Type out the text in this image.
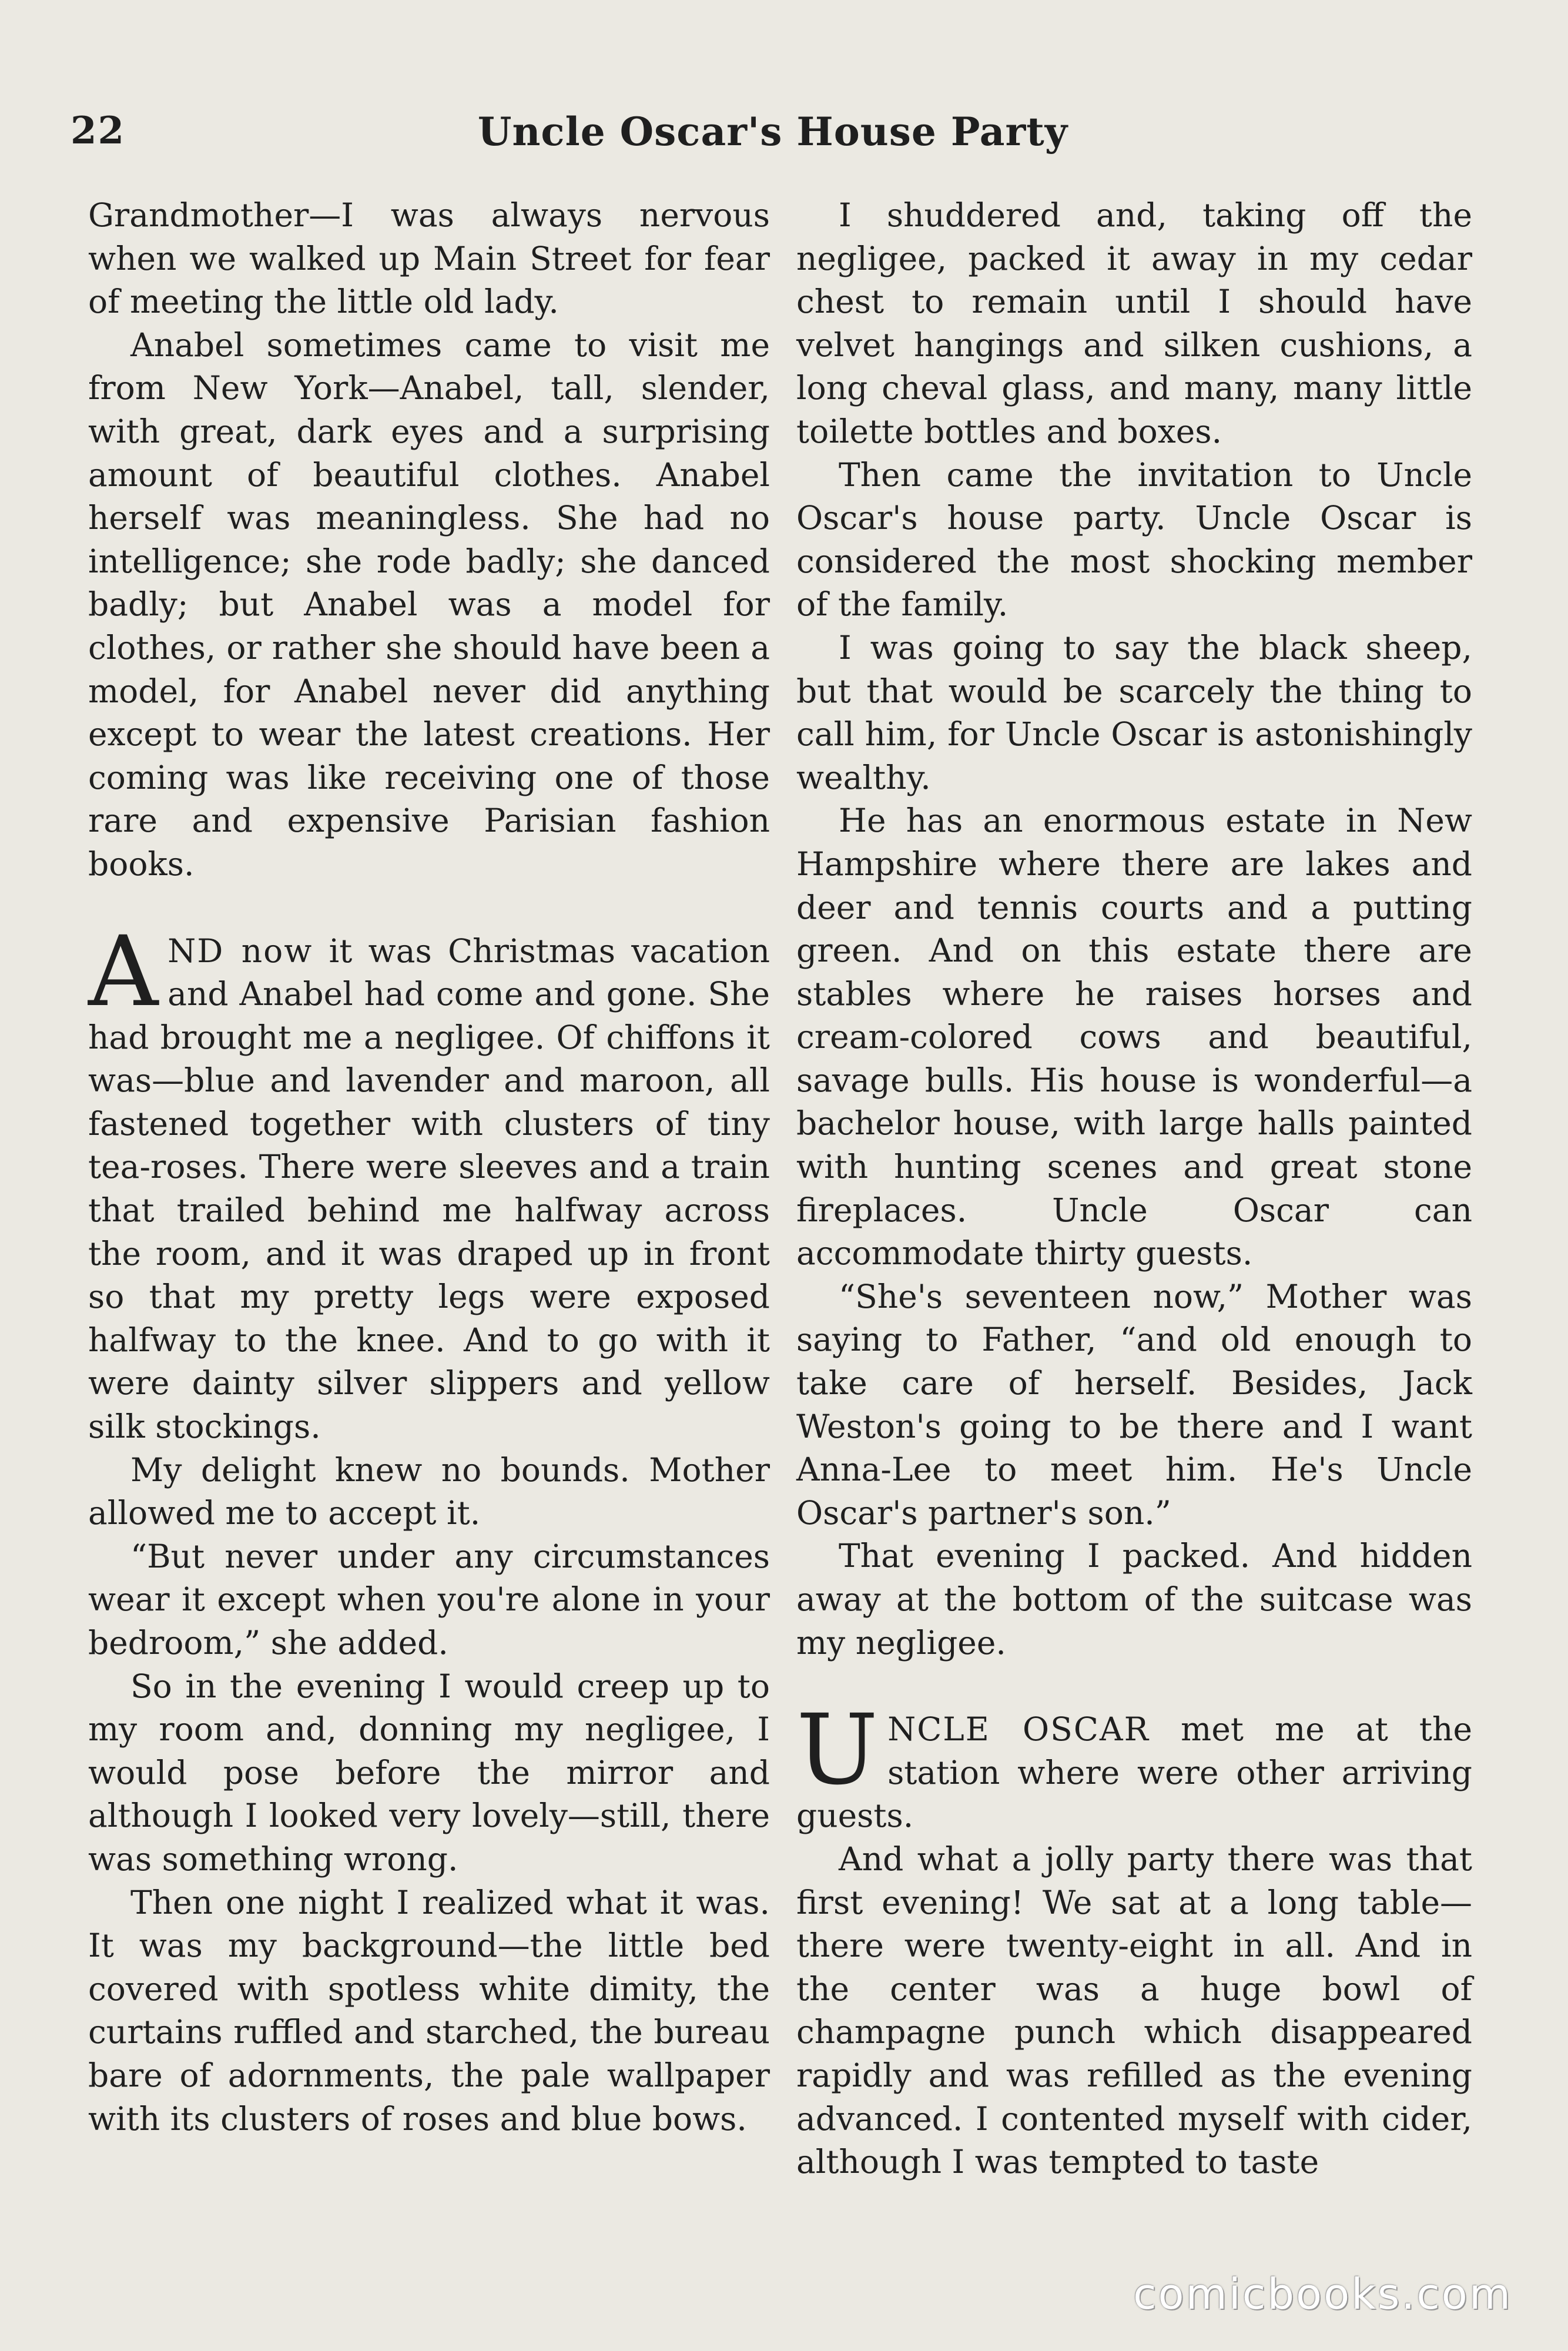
22	Uncle Oscar's House Party

Grandmother—I was always nervous when we walked up Main Street for fear of meeting the little old lady.

Anabel sometimes came to visit me from New York—Anabel, tall, slender, with great, dark eyes and a surprising amount of beautiful clothes. Anabel herself was meaningless. She had no intelligence; she rode badly; she danced badly; but Anabel was a model for clothes, or rather she should have been a model, for Anabel never did anything except to wear the latest creations. Her coming was like receiving one of those rare and expensive Parisian fashion books.

AND now it was Christmas vacation and Anabel had come and gone. She had brought me a negligee. Of chiffons it was—blue and lavender and maroon, all fastened together with clusters of tiny tea-roses. There were sleeves and a train that trailed behind me halfway across the room, and it was draped up in front so that my pretty legs were exposed halfway to the knee. And to go with it were dainty silver slippers and yellow silk stockings.

My delight knew no bounds. Mother allowed me to accept it.

“But never under any circumstances wear it except when you're alone in your bedroom,” she added.

So in the evening I would creep up to my room and, donning my negligee, I would pose before the mirror and although I looked very lovely—still, there was something wrong.

Then one night I realized what it was. It was my background—the little bed covered with spotless white dimity, the curtains ruffled and starched, the bureau bare of adornments, the pale wallpaper with its clusters of roses and blue bows.

I shuddered and, taking off the negligee, packed it away in my cedar chest to remain until I should have velvet hangings and silken cushions, a long cheval glass, and many, many little toilette bottles and boxes.

Then came the invitation to Uncle Oscar's house party. Uncle Oscar is considered the most shocking member of the family.

I was going to say the black sheep, but that would be scarcely the thing to call him, for Uncle Oscar is astonishingly wealthy.

He has an enormous estate in New Hampshire where there are lakes and deer and tennis courts and a putting green. And on this estate there are stables where he raises horses and cream-colored cows and beautiful, savage bulls. His house is wonderful—a bachelor house, with large halls painted with hunting scenes and great stone fireplaces. Uncle Oscar can accommodate thirty guests.

“She's seventeen now,” Mother was saying to Father, “and old enough to take care of herself. Besides, Jack Weston's going to be there and I want Anna-Lee to meet him. He's Uncle Oscar's partner's son.”

That evening I packed. And hidden away at the bottom of the suitcase was my negligee.

UNCLE OSCAR met me at the station where were other arriving guests.

And what a jolly party there was that first evening! We sat at a long table—there were twenty-eight in all. And in the center was a huge bowl of champagne punch which disappeared rapidly and was refilled as the evening advanced. I contented myself with cider, although I was tempted to taste

comicbooks.com
